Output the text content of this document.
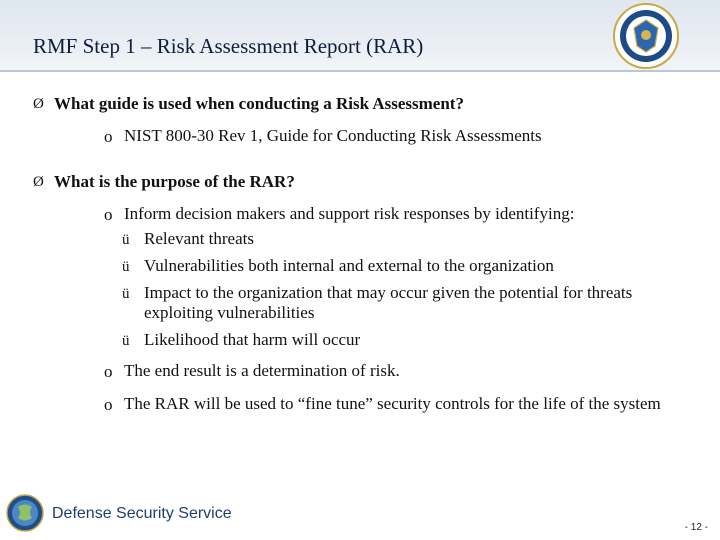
RMF Step 1 – Risk Assessment Report (RAR)
Ø What guide is used when conducting a Risk Assessment?
o NIST 800-30 Rev 1, Guide for Conducting Risk Assessments
Ø What is the purpose of the RAR?
o Inform decision makers and support risk responses by identifying:
ü Relevant threats
ü Vulnerabilities both internal and external to the organization
ü Impact to the organization that may occur given the potential for threats exploiting vulnerabilities
ü Likelihood that harm will occur
o The end result is a determination of risk.
o The RAR will be used to “fine tune” security controls for the life of the system
Defense Security Service
- 12 -
